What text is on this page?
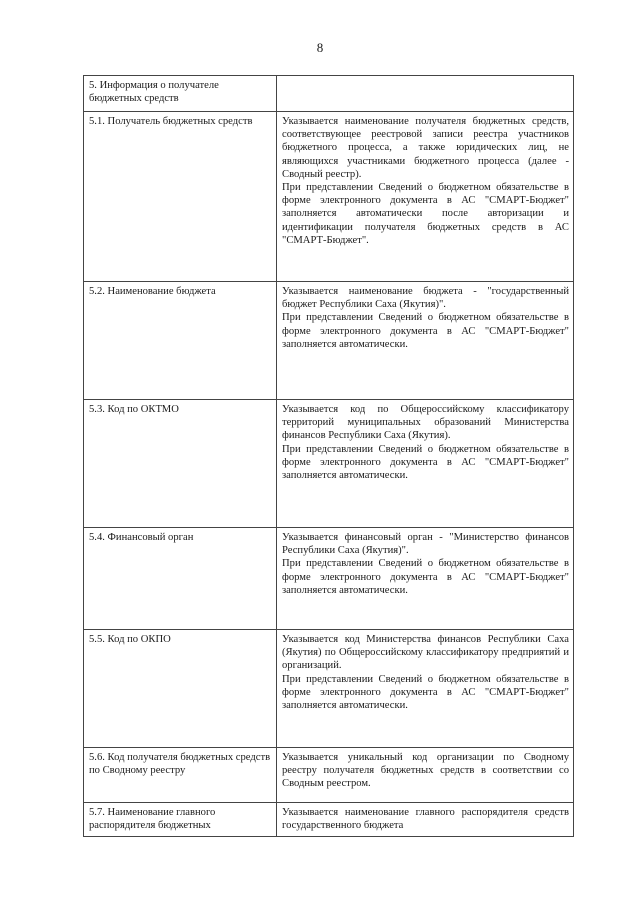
8
5. Информация о получателе бюджетных средств	
5.1. Получатель бюджетных средств	Указывается наименование получателя бюджетных средств, соответствующее реестровой записи реестра участников бюджетного процесса, а также юридических лиц, не являющихся участниками бюджетного процесса (далее - Сводный реестр).

При представлении Сведений о бюджетном обязательстве в форме электронного документа в АС "СМАРТ-Бюджет" заполняется автоматически после авторизации и идентификации получателя бюджетных средств в АС "СМАРТ-Бюджет".

5.2. Наименование бюджета	Указывается наименование бюджета - "государственный бюджет Республики Саха (Якутия)".

При представлении Сведений о бюджетном обязательстве в форме электронного документа в АС "СМАРТ-Бюджет" заполняется автоматически.

5.3. Код по ОКТМО	Указывается код по Общероссийскому классификатору территорий муниципальных образований Министерства финансов Республики Саха (Якутия).

При представлении Сведений о бюджетном обязательстве в форме электронного документа в АС "СМАРТ-Бюджет" заполняется автоматически.

5.4. Финансовый орган	Указывается финансовый орган - "Министерство финансов Республики Саха (Якутия)".

При представлении Сведений о бюджетном обязательстве в форме электронного документа в АС "СМАРТ-Бюджет" заполняется автоматически.

5.5. Код по ОКПО	Указывается код Министерства финансов Республики Саха (Якутия) по Общероссийскому классификатору предприятий и организаций.

При представлении Сведений о бюджетном обязательстве в форме электронного документа в АС "СМАРТ-Бюджет" заполняется автоматически.

5.6. Код получателя бюджетных средств по Сводному реестру	Указывается уникальный код организации по Сводному реестру получателя бюджетных средств в соответствии со Сводным реестром.

5.7. Наименование главного распорядителя бюджетных	Указывается наименование главного распорядителя средств государственного бюджета
